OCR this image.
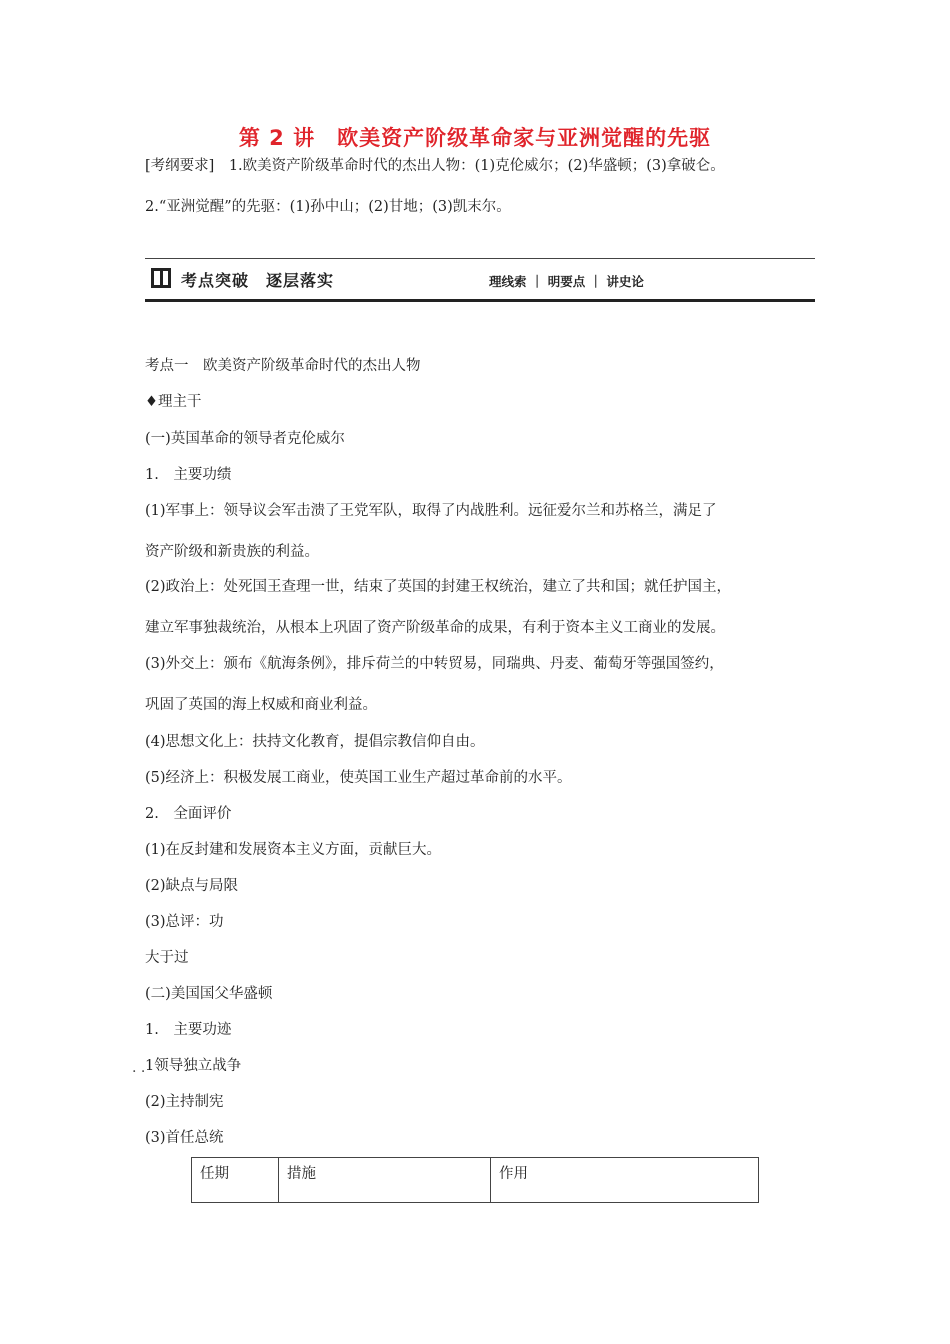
第 2 讲　欧美资产阶级革命家与亚洲觉醒的先驱
[考纲要求]　1.欧美资产阶级革命时代的杰出人物：(1)克伦威尔；(2)华盛顿；(3)拿破仑。
2.“亚洲觉醒”的先驱：(1)孙中山；(2)甘地；(3)凯末尔。
考点突破　逐层落实	理线索 ｜ 明要点 ｜ 讲史论
考点一　欧美资产阶级革命时代的杰出人物
♦理主干
(一)英国革命的领导者克伦威尔
1.　主要功绩
(1)军事上：领导议会军击溃了王党军队，取得了内战胜利。远征爱尔兰和苏格兰，满足了
资产阶级和新贵族的利益。
(2)政治上：处死国王查理一世，结束了英国的封建王权统治，建立了共和国；就任护国主，
建立军事独裁统治，从根本上巩固了资产阶级革命的成果，有利于资本主义工商业的发展。
(3)外交上：颁布《航海条例》，排斥荷兰的中转贸易，同瑞典、丹麦、葡萄牙等强国签约，
巩固了英国的海上权威和商业利益。
(4)思想文化上：扶持文化教育，提倡宗教信仰自由。
(5)经济上：积极发展工商业，使英国工业生产超过革命前的水平。
2.　全面评价
(1)在反封建和发展资本主义方面，贡献巨大。
(2)缺点与局限
(3)总评：功
大于过
(二)美国国父华盛顿
1.　主要功迹
1领导独立战争
. .
(2)主持制宪
(3)首任总统
任期	措施	作用
